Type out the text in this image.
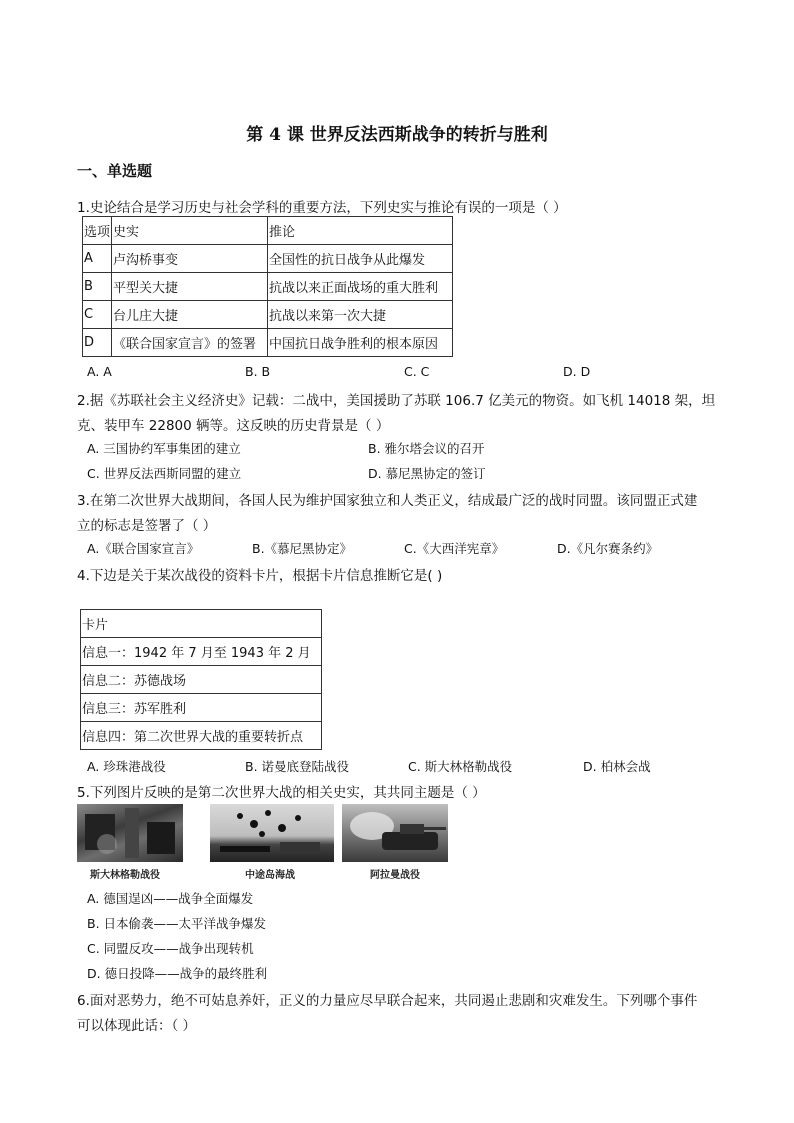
第 4 课 世界反法西斯战争的转折与胜利
一、单选题
1.史论结合是学习历史与社会学科的重要方法，下列史实与推论有误的一项是（ ）
选项	史实	推论
A	卢沟桥事变	全国性的抗日战争从此爆发
B	平型关大捷	抗战以来正面战场的重大胜利
C	台儿庄大捷	抗战以来第一次大捷
D	《联合国家宣言》的签署	中国抗日战争胜利的根本原因
A. A	B. B	C. C	D. D
2.据《苏联社会主义经济史》记载：二战中，美国援助了苏联 106.7 亿美元的物资。如飞机 14018 架，坦
克、装甲车 22800 辆等。这反映的历史背景是（ ）
A. 三国协约军事集团的建立	B. 雅尔塔会议的召开
C. 世界反法西斯同盟的建立	D. 慕尼黑协定的签订
3.在第二次世界大战期间，各国人民为维护国家独立和人类正义，结成最广泛的战时同盟。该同盟正式建
立的标志是签署了（ ）
A.《联合国家宣言》	B.《慕尼黑协定》	C.《大西洋宪章》	D.《凡尔赛条约》
4.下边是关于某次战役的资料卡片，根据卡片信息推断它是( )
卡片
信息一：1942 年 7 月至 1943 年 2 月
信息二：苏德战场
信息三：苏军胜利
信息四：第二次世界大战的重要转折点
A. 珍珠港战役	B. 诺曼底登陆战役	C. 斯大林格勒战役	D. 柏林会战
5.下列图片反映的是第二次世界大战的相关史实，其共同主题是（ ）
斯大林格勒战役	中途岛海战	阿拉曼战役
A. 德国逞凶——战争全面爆发
B. 日本偷袭——太平洋战争爆发
C. 同盟反攻——战争出现转机
D. 德日投降——战争的最终胜利
6.面对恶势力，绝不可姑息养奸，正义的力量应尽早联合起来，共同遏止悲剧和灾难发生。下列哪个事件
可以体现此话：（ ）
